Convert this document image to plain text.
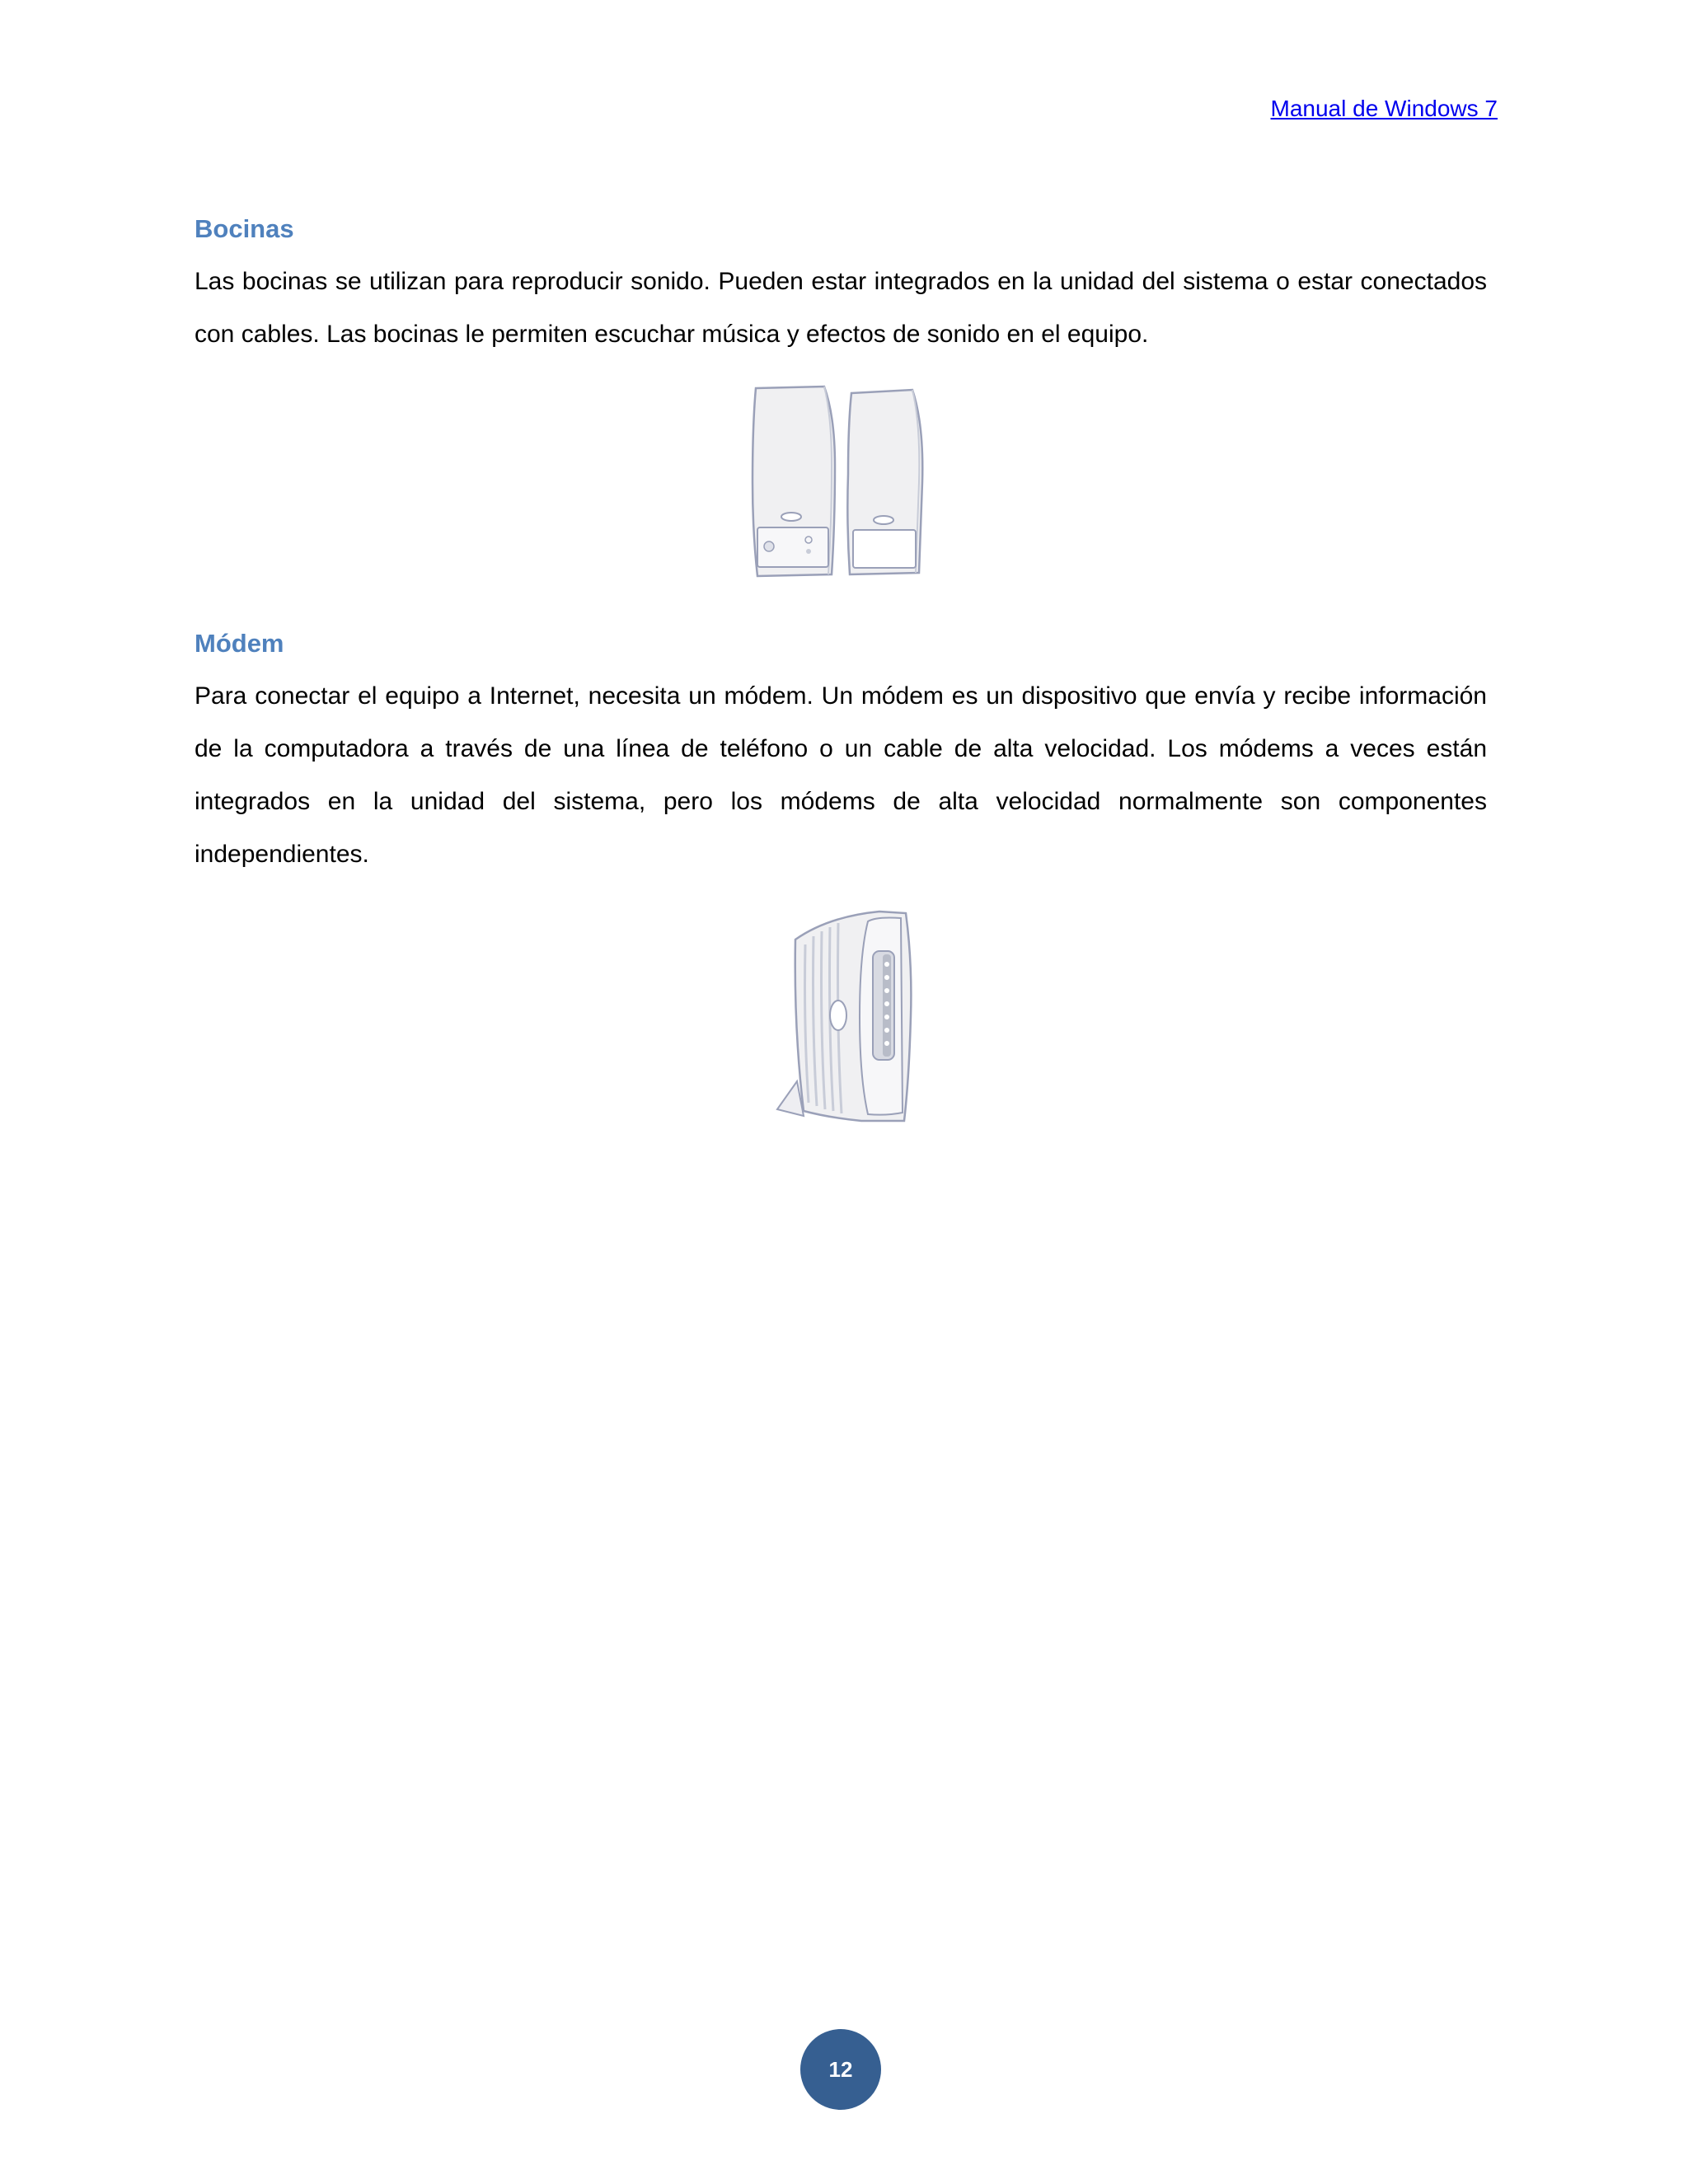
Manual de Windows 7
Bocinas

Las bocinas se utilizan para reproducir sonido. Pueden estar integrados en la unidad del sistema o estar conectados con cables. Las bocinas le permiten escuchar música y efectos de sonido en el equipo.

Módem

Para conectar el equipo a Internet, necesita un módem. Un módem es un dispositivo que envía y recibe información de la computadora a través de una línea de teléfono o un cable de alta velocidad. Los módems a veces están integrados en la unidad del sistema, pero los módems de alta velocidad normalmente son componentes independientes.

12
